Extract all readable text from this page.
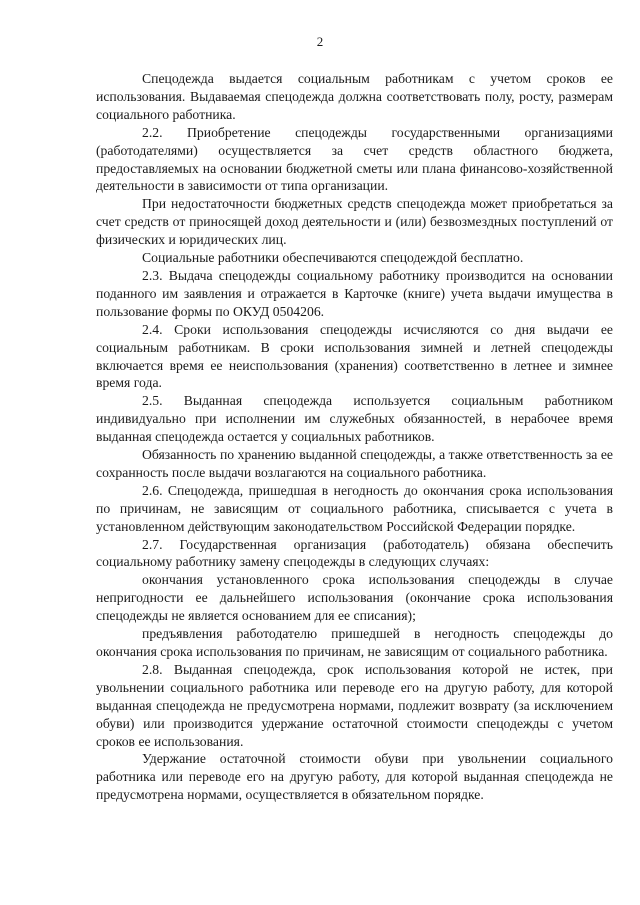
2

Спецодежда выдается социальным работникам с учетом сроков ее использования. Выдаваемая спецодежда должна соответствовать полу, росту, размерам социального работника.

2.2. Приобретение спецодежды государственными организациями (работодателями) осуществляется за счет средств областного бюджета, предоставляемых на основании бюджетной сметы или плана финансово-хозяйственной деятельности в зависимости от типа организации.

При недостаточности бюджетных средств спецодежда может приобретаться за счет средств от приносящей доход деятельности и (или) безвозмездных поступлений от физических и юридических лиц.

Социальные работники обеспечиваются спецодеждой бесплатно.

2.3. Выдача спецодежды социальному работнику производится на основании поданного им заявления и отражается в Карточке (книге) учета выдачи имущества в пользование формы по ОКУД 0504206.

2.4. Сроки использования спецодежды исчисляются со дня выдачи ее социальным работникам. В сроки использования зимней и летней спецодежды включается время ее неиспользования (хранения) соответственно в летнее и зимнее время года.

2.5. Выданная спецодежда используется социальным работником индивидуально при исполнении им служебных обязанностей, в нерабочее время выданная спецодежда остается у социальных работников.

Обязанность по хранению выданной спецодежды, а также ответственность за ее сохранность после выдачи возлагаются на социального работника.

2.6. Спецодежда, пришедшая в негодность до окончания срока использования по причинам, не зависящим от социального работника, списывается с учета в установленном действующим законодательством Российской Федерации порядке.

2.7. Государственная организация (работодатель) обязана обеспечить социальному работнику замену спецодежды в следующих случаях:

окончания установленного срока использования спецодежды в случае непригодности ее дальнейшего использования (окончание срока использования спецодежды не является основанием для ее списания);

предъявления работодателю пришедшей в негодность спецодежды до окончания срока использования по причинам, не зависящим от социального работника.

2.8. Выданная спецодежда, срок использования которой не истек, при увольнении социального работника или переводе его на другую работу, для которой выданная спецодежда не предусмотрена нормами, подлежит возврату (за исключением обуви) или производится удержание остаточной стоимости спецодежды с учетом сроков ее использования.

Удержание остаточной стоимости обуви при увольнении социального работника или переводе его на другую работу, для которой выданная спецодежда не предусмотрена нормами, осуществляется в обязательном порядке.
